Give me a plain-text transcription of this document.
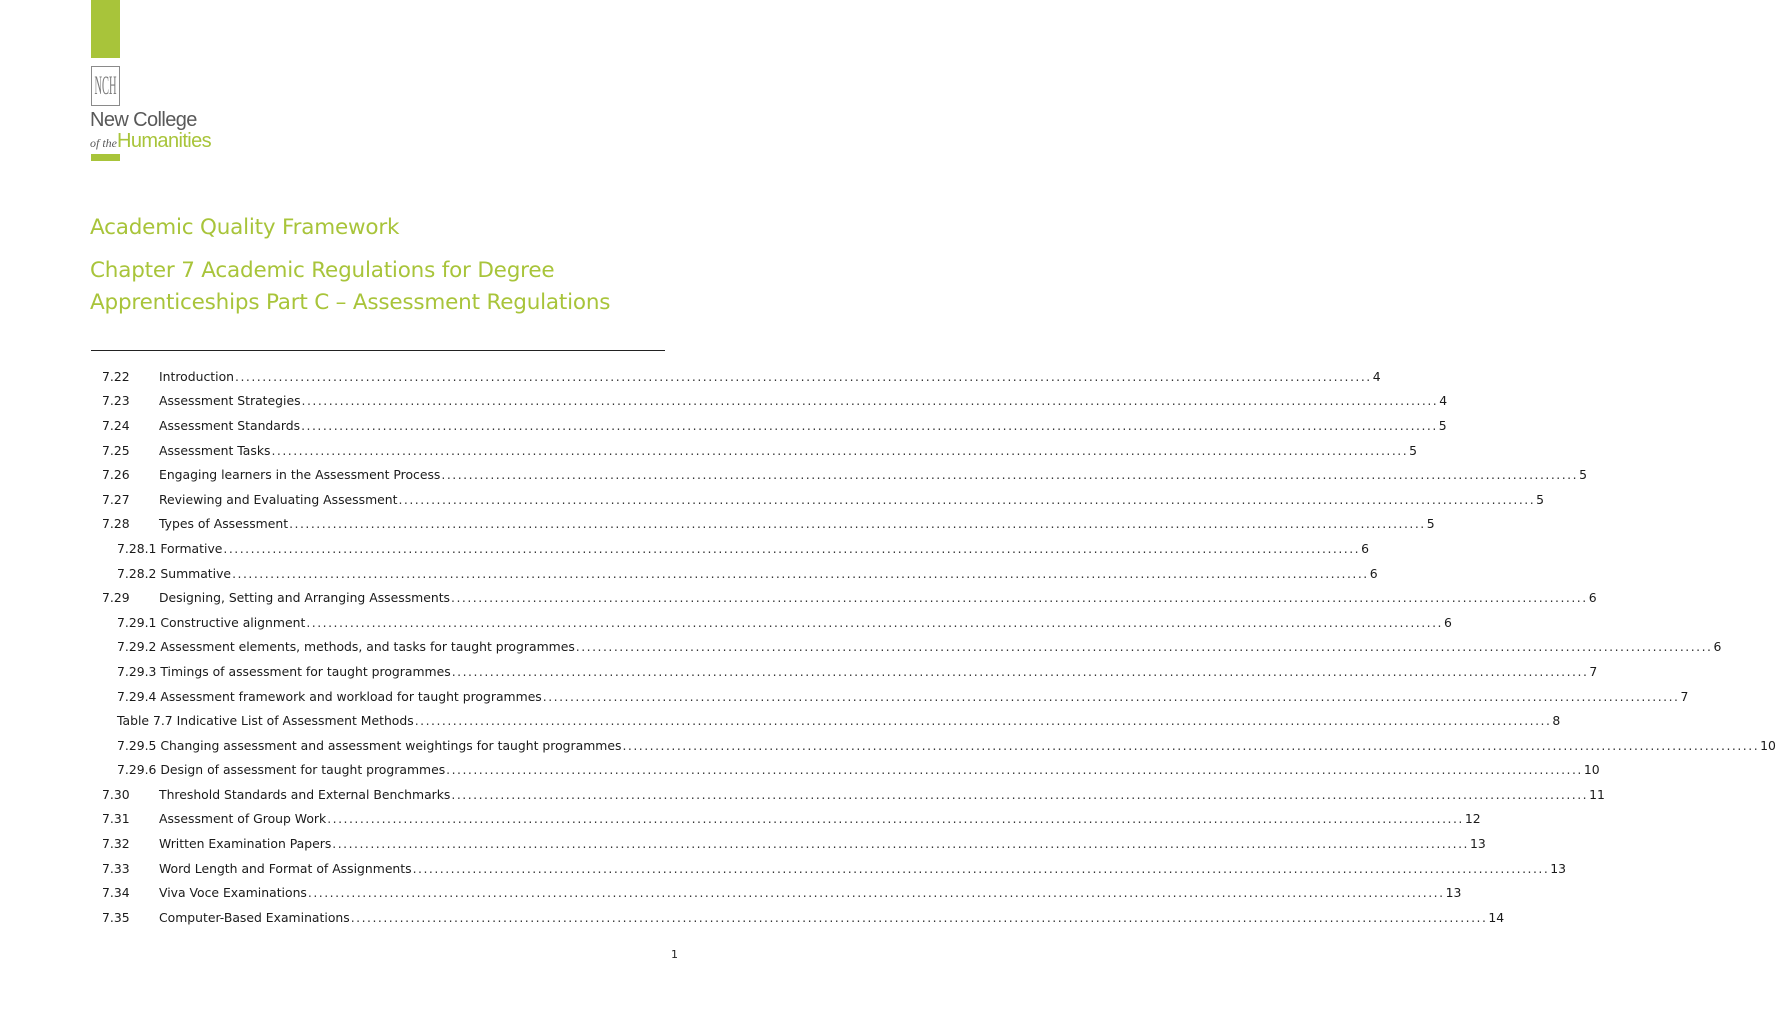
NCH
New College
of theHumanities
Academic Quality Framework
Chapter 7 Academic Regulations for Degree Apprenticeships Part C – Assessment Regulations
7.22	Introduction .....	4
7.23	Assessment Strategies .....	4
7.24	Assessment Standards .....	5
7.25	Assessment Tasks .....	5
7.26	Engaging learners in the Assessment Process .....	5
7.27	Reviewing and Evaluating Assessment .....	5
7.28	Types of Assessment .....	5
7.28.1 Formative .....	6
7.28.2 Summative .....	6
7.29	Designing, Setting and Arranging Assessments .....	6
7.29.1 Constructive alignment .....	6
7.29.2 Assessment elements, methods, and tasks for taught programmes .....	6
7.29.3 Timings of assessment for taught programmes .....	7
7.29.4 Assessment framework and workload for taught programmes .....	7
Table 7.7 Indicative List of Assessment Methods .....	8
7.29.5 Changing assessment and assessment weightings for taught programmes .....	10
7.29.6 Design of assessment for taught programmes .....	10
7.30	Threshold Standards and External Benchmarks .....	11
7.31	Assessment of Group Work .....	12
7.32	Written Examination Papers .....	13
7.33	Word Length and Format of Assignments .....	13
7.34	Viva Voce Examinations .....	13
7.35	Computer-Based Examinations .....	14
1
